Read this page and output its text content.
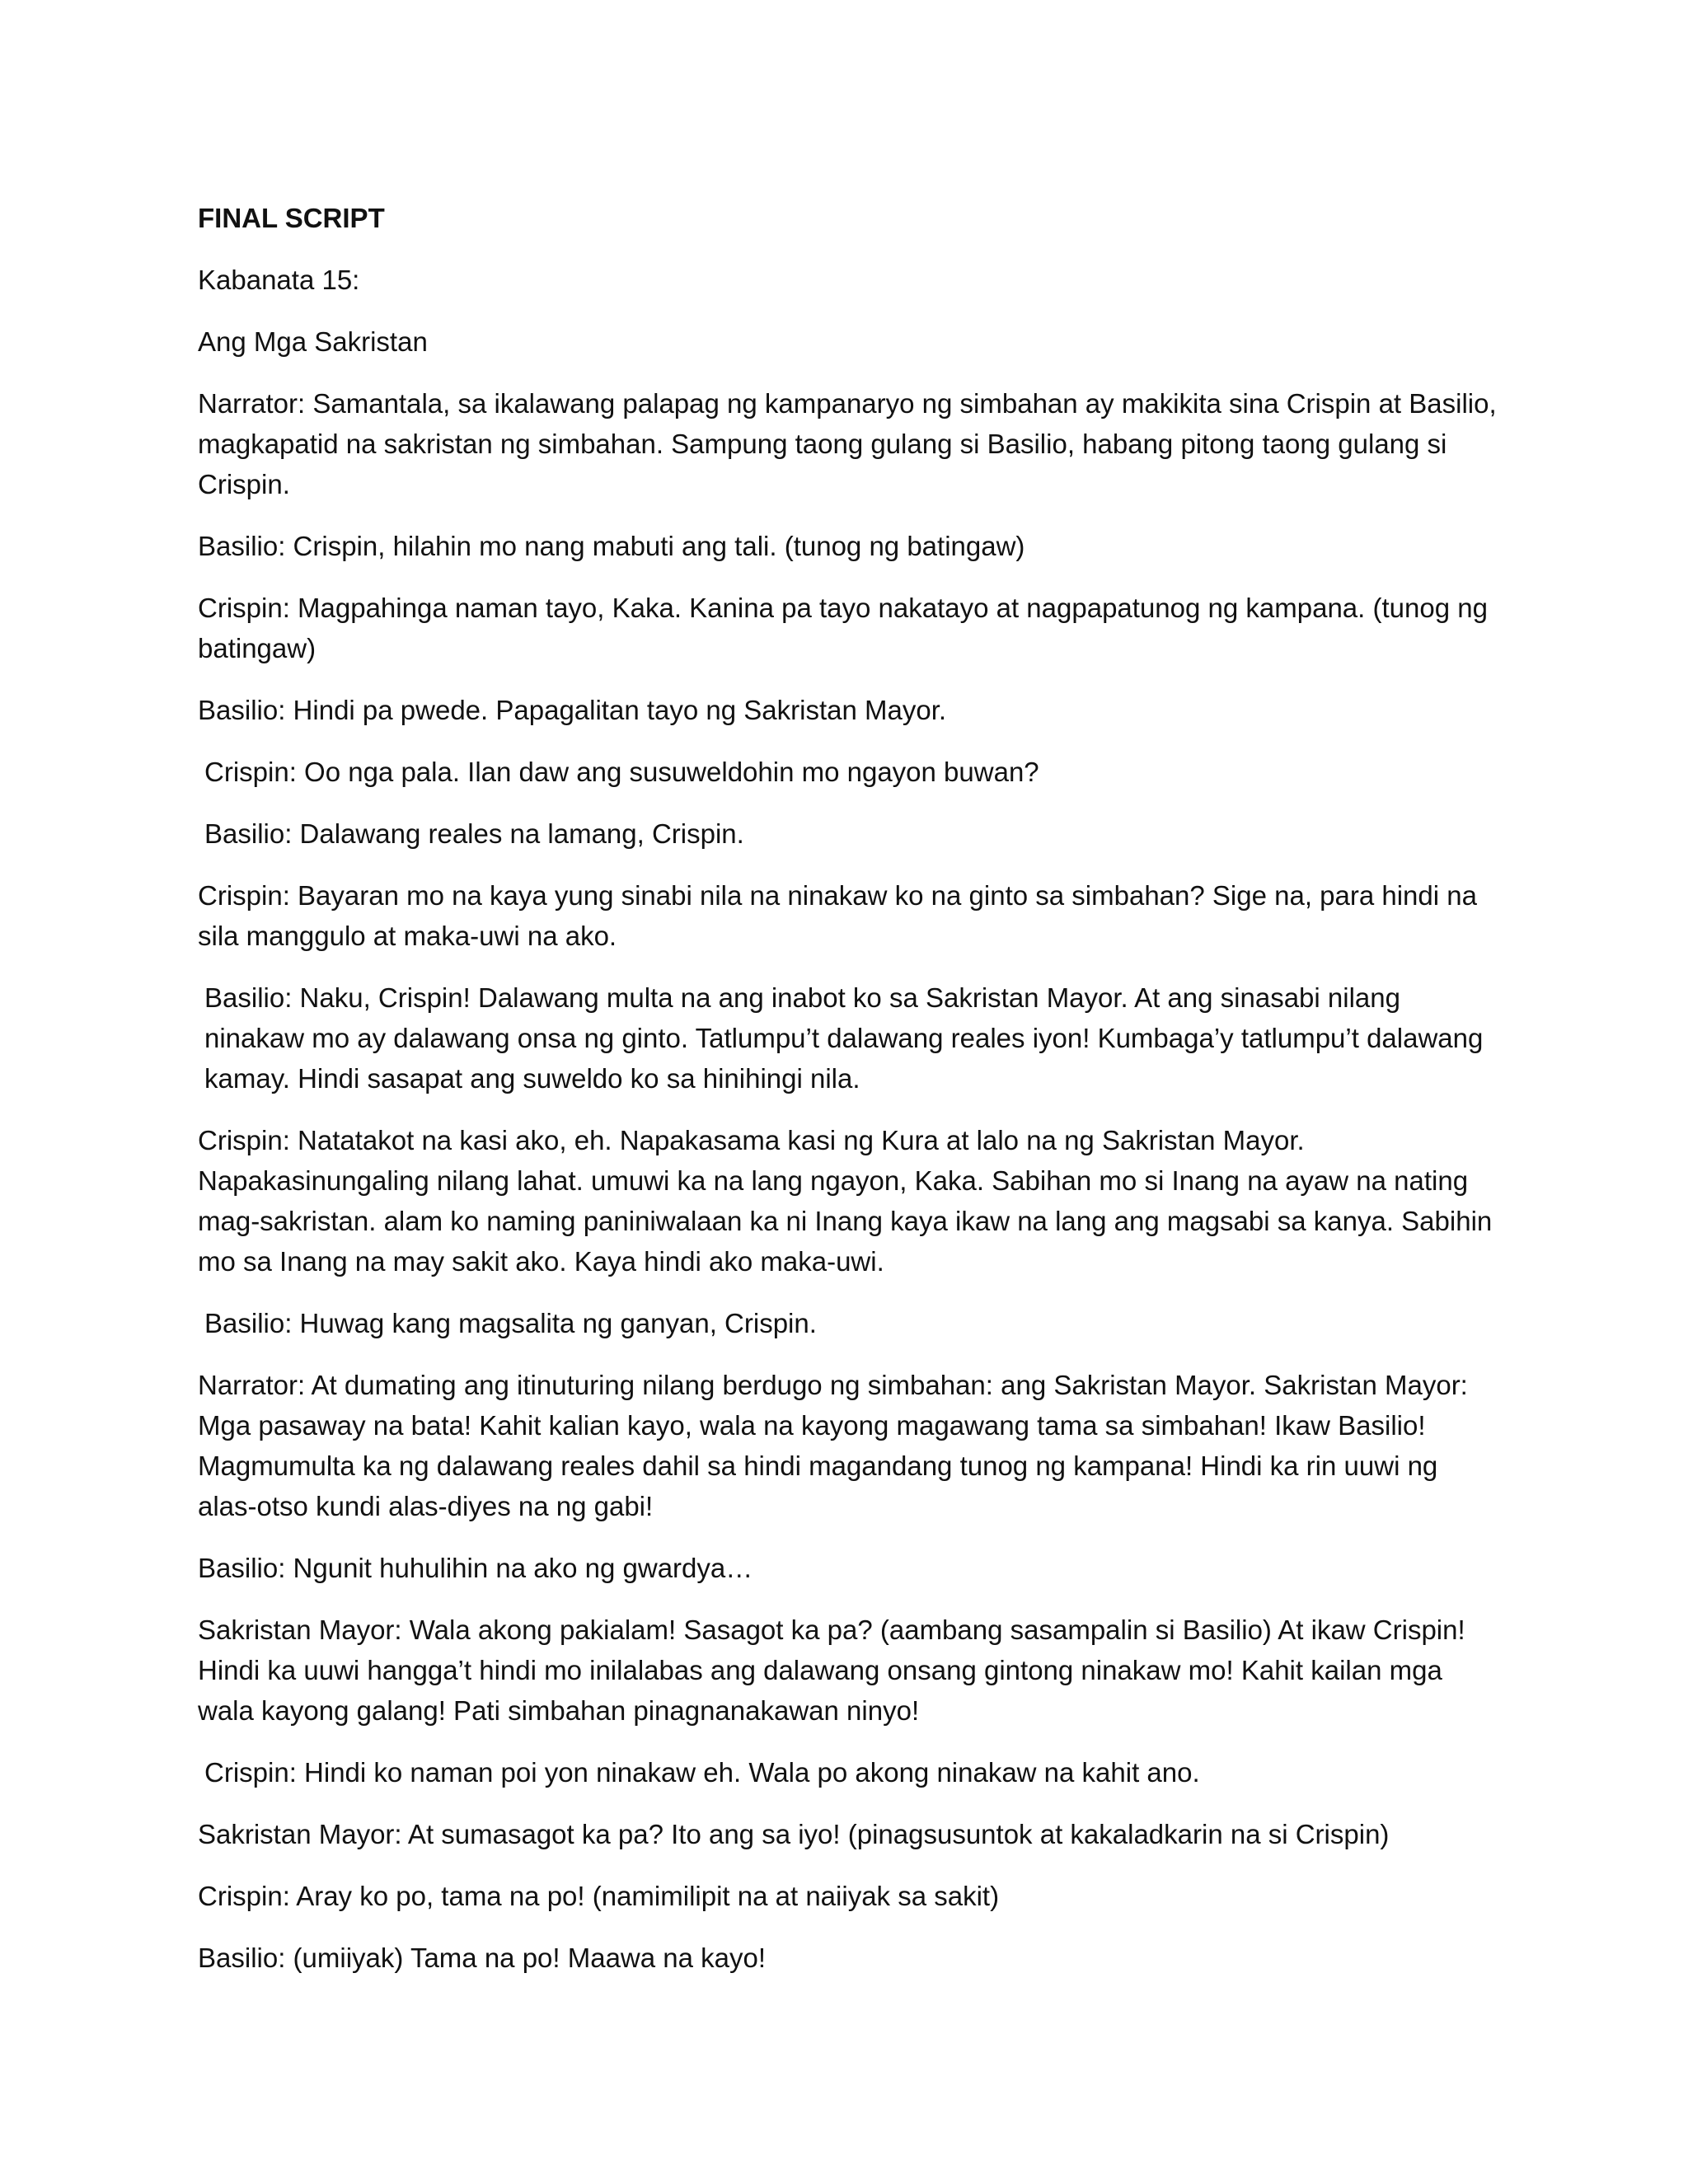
FINAL SCRIPT

Kabanata 15:

Ang Mga Sakristan

Narrator: Samantala, sa ikalawang palapag ng kampanaryo ng simbahan ay makikita sina Crispin at Basilio, magkapatid na sakristan ng simbahan. Sampung taong gulang si Basilio, habang pitong taong gulang si Crispin.

Basilio: Crispin, hilahin mo nang mabuti ang tali. (tunog ng batingaw)

Crispin: Magpahinga naman tayo, Kaka. Kanina pa tayo nakatayo at nagpapatunog ng kampana. (tunog ng batingaw)

Basilio: Hindi pa pwede. Papagalitan tayo ng Sakristan Mayor.

Crispin: Oo nga pala. Ilan daw ang susuweldohin mo ngayon buwan?

Basilio: Dalawang reales na lamang, Crispin.

Crispin: Bayaran mo na kaya yung sinabi nila na ninakaw ko na ginto sa simbahan? Sige na, para hindi na sila manggulo at maka-uwi na ako.

Basilio: Naku, Crispin! Dalawang multa na ang inabot ko sa Sakristan Mayor. At ang sinasabi nilang ninakaw mo ay dalawang onsa ng ginto. Tatlumpu’t dalawang reales iyon! Kumbaga’y tatlumpu’t dalawang kamay. Hindi sasapat ang suweldo ko sa hinihingi nila.

Crispin: Natatakot na kasi ako, eh. Napakasama kasi ng Kura at lalo na ng Sakristan Mayor. Napakasinungaling nilang lahat. umuwi ka na lang ngayon, Kaka. Sabihan mo si Inang na ayaw na nating mag-sakristan. alam ko naming paniniwalaan ka ni Inang kaya ikaw na lang ang magsabi sa kanya. Sabihin mo sa Inang na may sakit ako. Kaya hindi ako maka-uwi.

Basilio: Huwag kang magsalita ng ganyan, Crispin.

Narrator: At dumating ang itinuturing nilang berdugo ng simbahan: ang Sakristan Mayor. Sakristan Mayor: Mga pasaway na bata! Kahit kalian kayo, wala na kayong magawang tama sa simbahan! Ikaw Basilio! Magmumulta ka ng dalawang reales dahil sa hindi magandang tunog ng kampana! Hindi ka rin uuwi ng alas-otso kundi alas-diyes na ng gabi!

Basilio: Ngunit huhulihin na ako ng gwardya…

Sakristan Mayor: Wala akong pakialam! Sasagot ka pa? (aambang sasampalin si Basilio) At ikaw Crispin! Hindi ka uuwi hangga’t hindi mo inilalabas ang dalawang onsang gintong ninakaw mo! Kahit kailan mga wala kayong galang! Pati simbahan pinagnanakawan ninyo!

Crispin: Hindi ko naman poi yon ninakaw eh. Wala po akong ninakaw na kahit ano.

Sakristan Mayor: At sumasagot ka pa? Ito ang sa iyo! (pinagsusuntok at kakaladkarin na si Crispin)

Crispin: Aray ko po, tama na po! (namimilipit na at naiiyak sa sakit)

Basilio: (umiiyak) Tama na po! Maawa na kayo!
